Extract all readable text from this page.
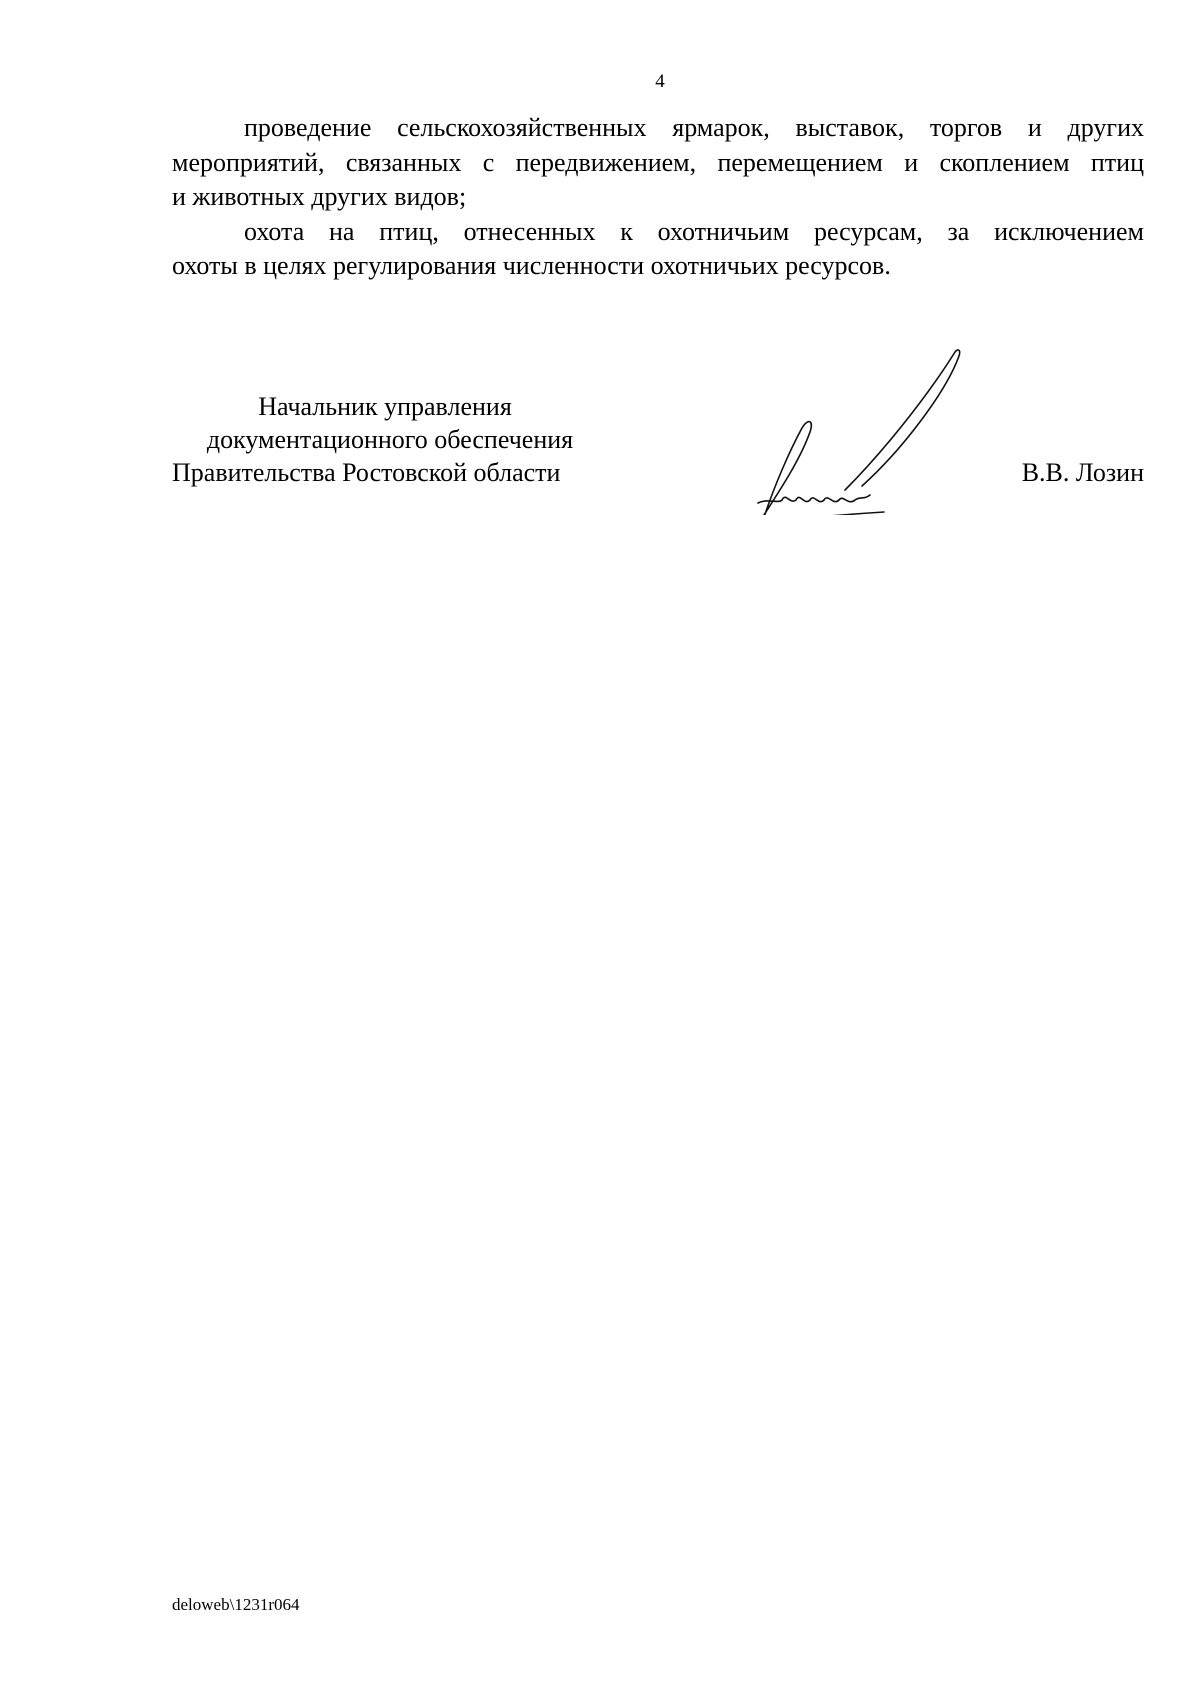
4

проведение сельскохозяйственных ярмарок, выставок, торгов и других
мероприятий, связанных с передвижением, перемещением и скоплением птиц
и животных других видов;

охота на птиц, отнесенных к охотничьим ресурсам, за исключением
охоты в целях регулирования численности охотничьих ресурсов.

Начальник управления
документационного обеспечения
Правительства Ростовской области	В.В. Лозин
deloweb\1231r064
